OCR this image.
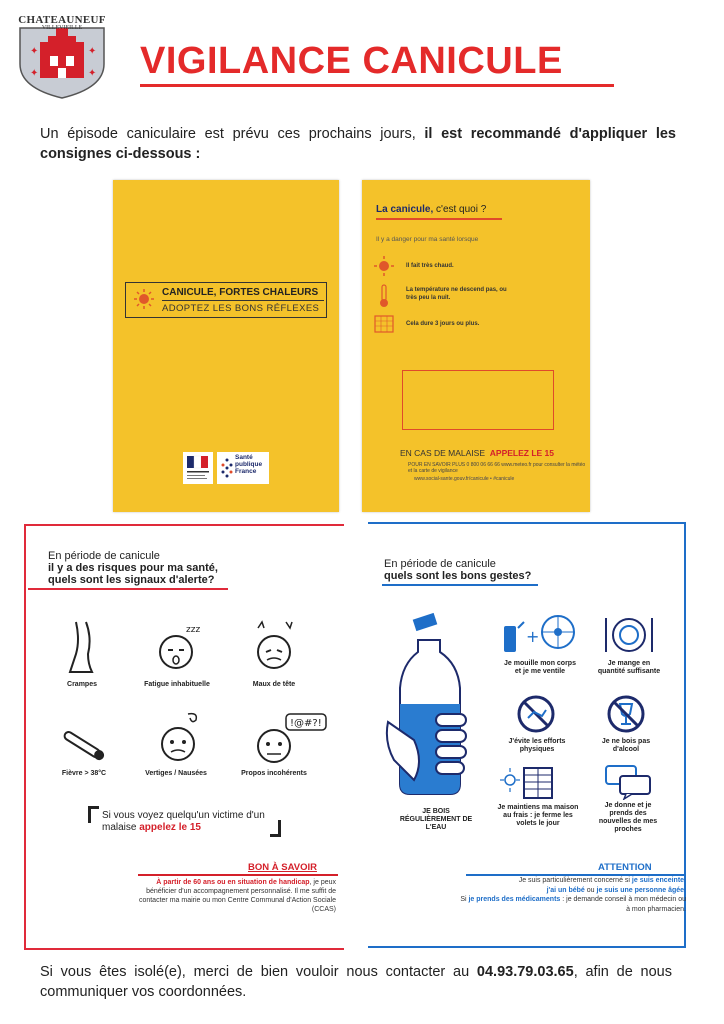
✦	✦
✦	✦
CHATEAUNEUF
VILLEVIEILLE
VIGILANCE CANICULE
Un épisode caniculaire est prévu ces prochains jours, il est recommandé d'appliquer les consignes ci-dessous :
CANICULE, FORTES CHALEURS
ADOPTEZ LES BONS RÉFLEXES
Santé publique France
La canicule, c'est quoi ?
Il y a danger pour ma santé lorsque
Il fait très chaud.
La température ne descend pas, ou très peu la nuit.
Cela dure 3 jours ou plus.
EN CAS DE MALAISE APPELEZ LE 15
POUR EN SAVOIR PLUS 0 800 06 66 66 www.meteo.fr pour consulter la météo et la carte de vigilance
www.social-sante.gouv.fr/canicule • #canicule
En période de canicule
il y a des risques pour ma santé,
quels sont les signaux d'alerte?
Crampes
zzz
Fatigue inhabituelle	Maux de tête
Fièvre > 38°C	Vertiges / Nausées
!@#?!
Propos incohérents
Si vous voyez quelqu'un victime d'un malaise appelez le 15
BON À SAVOIR
À partir de 60 ans ou en situation de handicap, je peux bénéficier d'un accompagnement personnalisé. Il me suffit de contacter ma mairie ou mon Centre Communal d'Action Sociale (CCAS)
En période de canicule
quels sont les bons gestes?
JE BOIS RÉGULIÈREMENT DE L'EAU
+
Je mouille mon corps et je me ventile
Je mange en quantité suffisante
J'évite les efforts physiques
Je ne bois pas d'alcool
Je maintiens ma maison au frais : je ferme les volets le jour
Je donne et je prends des nouvelles de mes proches
ATTENTION
Je suis particulièrement concerné si je suis enceinte,
j'ai un bébé ou je suis une personne âgée.
Si je prends des médicaments : je demande conseil à mon médecin ou à mon pharmacien.
Si vous êtes isolé(e), merci de bien vouloir nous contacter au 04.93.79.03.65, afin de nous communiquer vos coordonnées.
